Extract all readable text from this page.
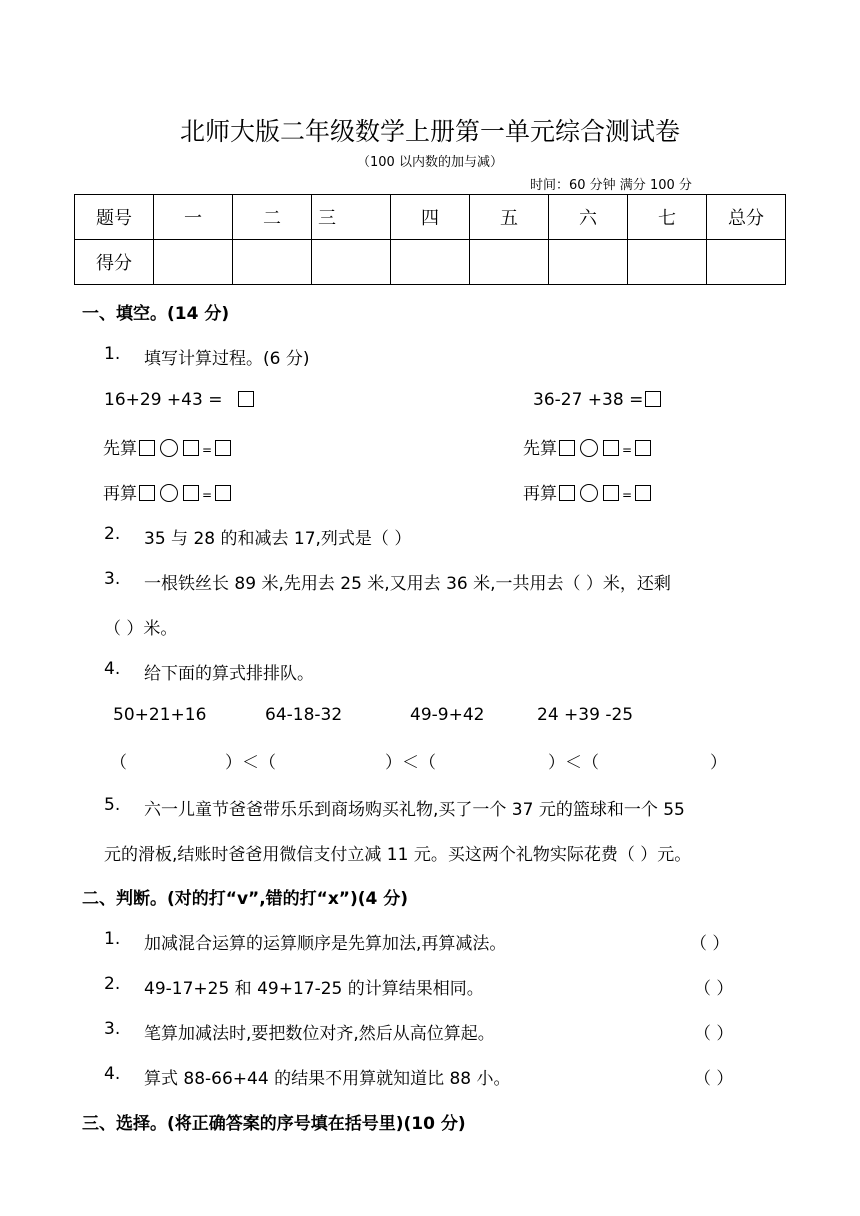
北师大版二年级数学上册第一单元综合测试卷
（100 以内数的加与减）
时间：60 分钟 满分 100 分
题号	一	二	三	四	五	六	七	总分
得分								
一、填空。(14 分)
1. 填写计算过程。(6 分)
16+29 +43 =	36-27 +38 =
先算	=	先算	=
再算	=	再算	=
2. 35 与 28 的和减去 17,列式是（ ）
3. 一根铁丝长 89 米,先用去 25 米,又用去 36 米,一共用去（ ）米，还剩
（ ）米。
4. 给下面的算式排排队。
50+21+16	64-18-32	49-9+42	24 +39 -25
（	）＜（	）＜（	）＜（	）
5. 六一儿童节爸爸带乐乐到商场购买礼物,买了一个 37 元的篮球和一个 55
元的滑板,结账时爸爸用微信支付立减 11 元。买这两个礼物实际花费（ ）元。
二、判断。(对的打“v”,错的打“x”)(4 分)
1. 加减混合运算的运算顺序是先算加法,再算减法。	（ ）
2. 49-17+25 和 49+17-25 的计算结果相同。	（ ）
3. 笔算加减法时,要把数位对齐,然后从高位算起。	（ ）
4. 算式 88-66+44 的结果不用算就知道比 88 小。	（ ）
三、选择。(将正确答案的序号填在括号里)(10 分)
